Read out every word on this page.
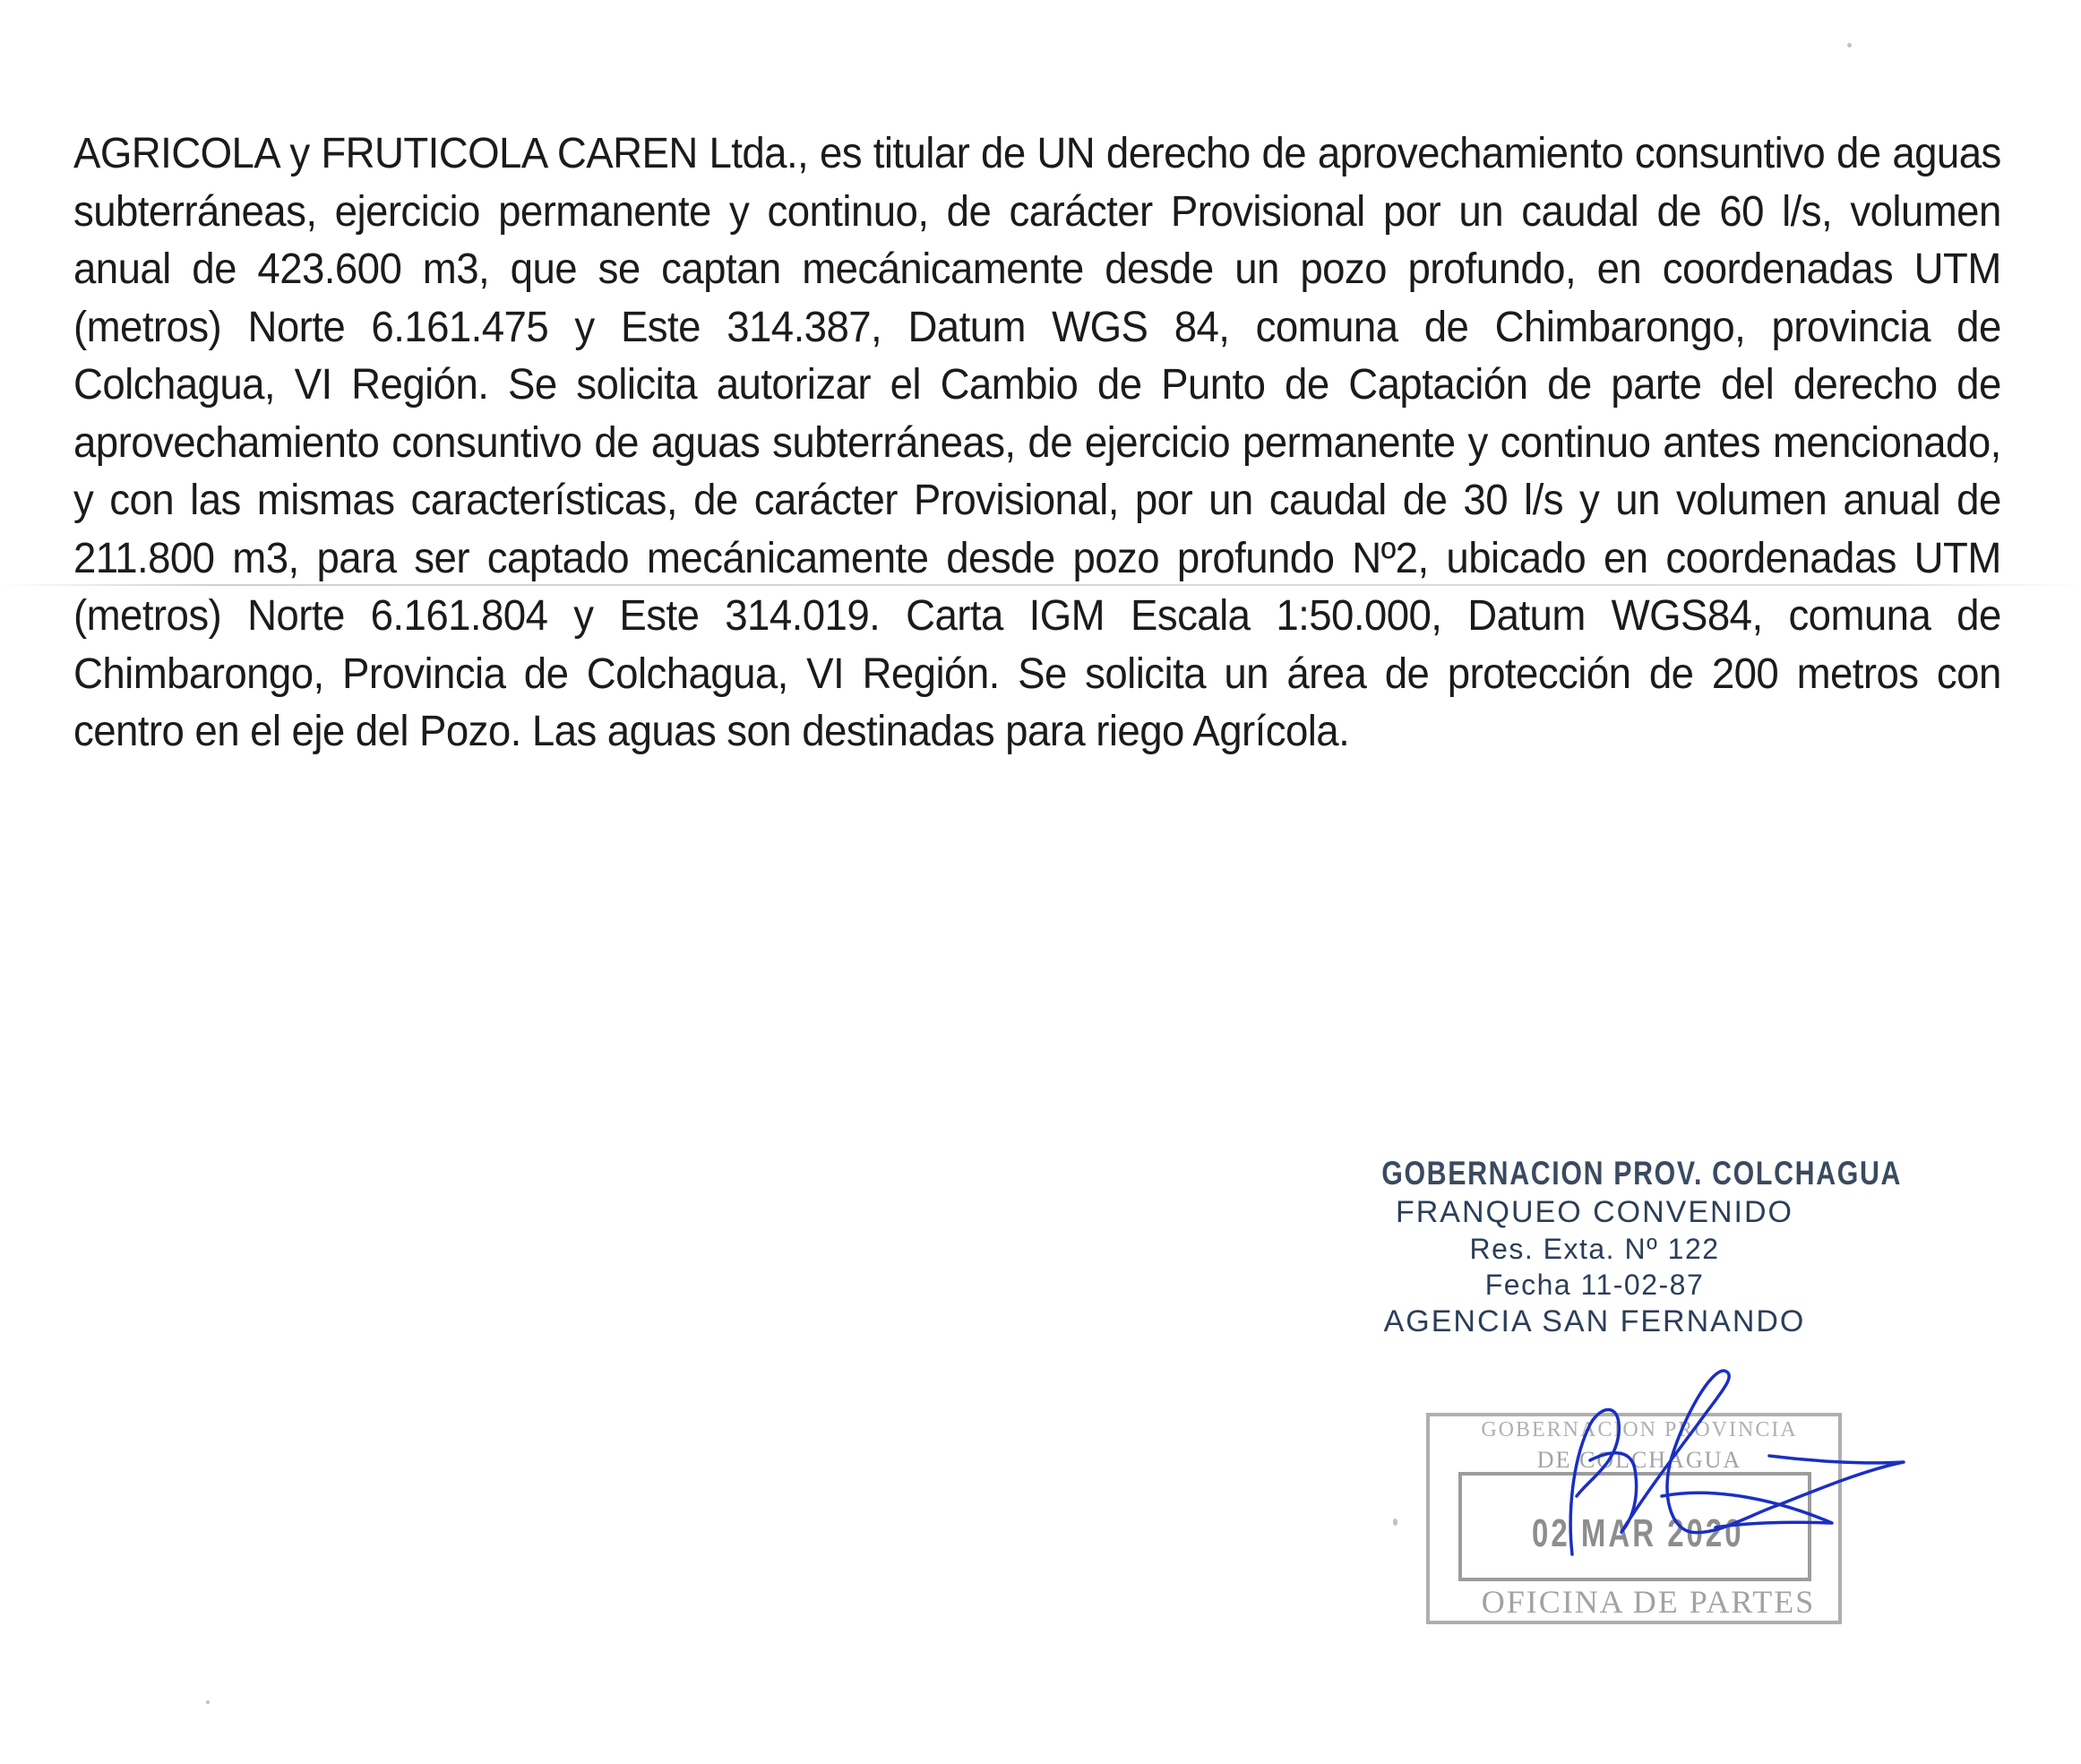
AGRICOLA y FRUTICOLA CAREN Ltda., es titular de UN derecho de aprovechamiento consuntivo de aguas subterráneas, ejercicio permanente y continuo, de carácter Provisional por un caudal de 60 l/s, volumen anual de 423.600 m3, que se captan mecánicamente desde un pozo profundo, en coordenadas UTM (metros) Norte 6.161.475 y Este 314.387, Datum WGS 84, comuna de Chimbarongo, provincia de Colchagua, VI Región. Se solicita autorizar el Cambio de Punto de Captación de parte del derecho de aprovechamiento consuntivo de aguas subterráneas, de ejercicio permanente y continuo antes mencionado, y con las mismas características, de carácter Provisional, por un caudal de 30 l/s y un volumen anual de 211.800 m3, para ser captado mecánicamente desde pozo profundo Nº2, ubicado en coordenadas UTM (metros) Norte 6.161.804 y Este 314.019. Carta IGM Escala 1:50.000, Datum WGS84, comuna de Chimbarongo, Provincia de Colchagua, VI Región. Se solicita un área de protección de 200 metros con centro en el eje del Pozo. Las aguas son destinadas para riego Agrícola.

GOBERNACION PROV. COLCHAGUA
FRANQUEO CONVENIDO
Res. Exta. Nº 122
Fecha 11-02-87
AGENCIA SAN FERNANDO
GOBERNACION PROVINCIA
DE COLCHAGUA
02 MAR 2020
OFICINA DE PARTES
